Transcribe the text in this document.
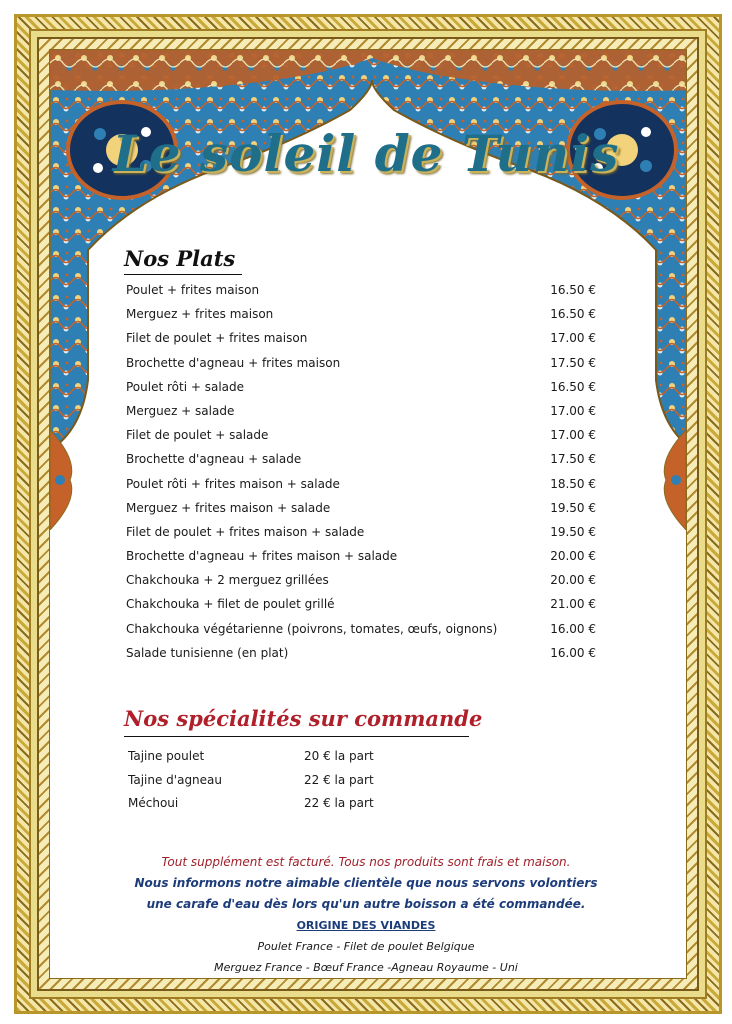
Le soleil de Tunis
Nos Plats
Poulet + frites maison	16.50 €
Merguez + frites maison	16.50 €
Filet de poulet + frites maison	17.00 €
Brochette d'agneau + frites maison	17.50 €
Poulet rôti + salade	16.50 €
Merguez + salade	17.00 €
Filet de poulet + salade	17.00 €
Brochette d'agneau + salade	17.50 €
Poulet rôti + frites maison + salade	18.50 €
Merguez + frites maison + salade	19.50 €
Filet de poulet + frites maison + salade	19.50 €
Brochette d'agneau + frites maison + salade	20.00 €
Chakchouka + 2 merguez grillées	20.00 €
Chakchouka + filet de poulet grillé	21.00 €
Chakchouka végétarienne (poivrons, tomates, œufs, oignons)	16.00 €
Salade tunisienne (en plat)	16.00 €
Nos spécialités sur commande
Tajine poulet	20 € la part
Tajine d'agneau	22 € la part
Méchoui	22 € la part
Tout supplément est facturé. Tous nos produits sont frais et maison.
Nous informons notre aimable clientèle que nous servons volontiers
une carafe d'eau dès lors qu'un autre boisson a été commandée.
ORIGINE DES VIANDES
Poulet France - Filet de poulet Belgique
Merguez France - Bœuf France -Agneau Royaume - Uni
